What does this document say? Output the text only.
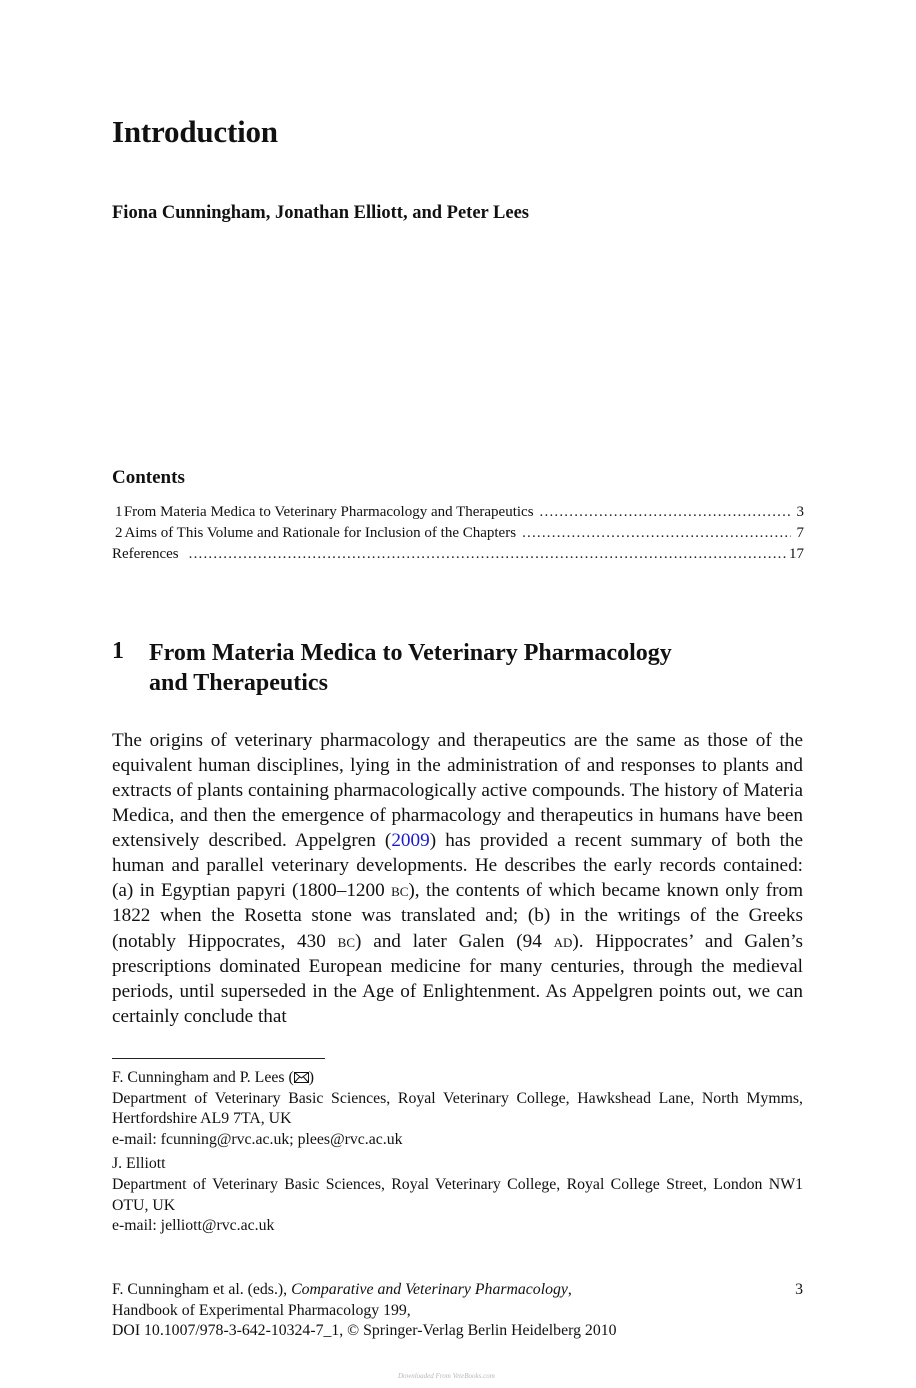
Introduction
Fiona Cunningham, Jonathan Elliott, and Peter Lees
Contents
1 From Materia Medica to Veterinary Pharmacology and Therapeutics .....	3
2 Aims of This Volume and Rationale for Inclusion of the Chapters .....	7
References .....	17
1 From Materia Medica to Veterinary Pharmacology
and Therapeutics

The origins of veterinary pharmacology and therapeutics are the same as those of the equivalent human disciplines, lying in the administration of and responses to plants and extracts of plants containing pharmacologically active compounds. The history of Materia Medica, and then the emergence of pharmacology and therapeutics in humans have been extensively described. Appelgren (2009) has provided a recent summary of both the human and parallel veterinary developments. He describes the early records contained: (a) in Egyptian papyri (1800–1200 bc), the contents of which became known only from 1822 when the Rosetta stone was translated and; (b) in the writings of the Greeks (notably Hippocrates, 430 bc) and later Galen (94 ad). Hippocrates’ and Galen’s prescriptions dominated European medicine for many centuries, through the medieval periods, until superseded in the Age of Enlightenment. As Appelgren points out, we can certainly conclude that

F. Cunningham and P. Lees ( )
Department of Veterinary Basic Sciences, Royal Veterinary College, Hawkshead Lane, North Mymms, Hertfordshire AL9 7TA, UK
e-mail: fcunning@rvc.ac.uk; plees@rvc.ac.uk
J. Elliott
Department of Veterinary Basic Sciences, Royal Veterinary College, Royal College Street, London NW1 OTU, UK
e-mail: jelliott@rvc.ac.uk
F. Cunningham et al. (eds.), Comparative and Veterinary Pharmacology,	3
Handbook of Experimental Pharmacology 199,
DOI 10.1007/978-3-642-10324-7_1, © Springer-Verlag Berlin Heidelberg 2010
Downloaded From VeteBooks.com
